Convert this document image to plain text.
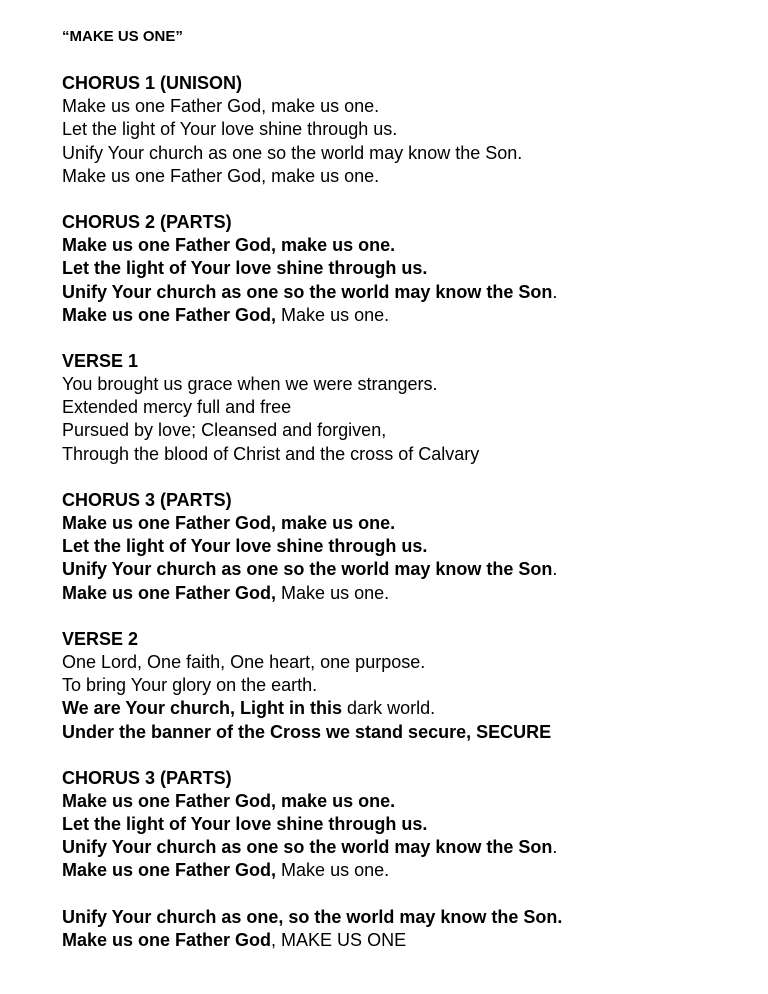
“MAKE US ONE”
CHORUS 1 (UNISON)
Make us one Father God, make us one.
Let the light of Your love shine through us.
Unify Your church as one so the world may know the Son.
Make us one Father God, make us one.
CHORUS 2 (PARTS)
Make us one Father God, make us one.
Let the light of Your love shine through us.
Unify Your church as one so the world may know the Son.
Make us one Father God, Make us one.
VERSE 1
You brought us grace when we were strangers.
Extended mercy full and free
Pursued by love; Cleansed and forgiven,
Through the blood of Christ and the cross of Calvary
CHORUS 3 (PARTS)
Make us one Father God, make us one.
Let the light of Your love shine through us.
Unify Your church as one so the world may know the Son.
Make us one Father God, Make us one.
VERSE 2
One Lord, One faith, One heart, one purpose.
To bring Your glory on the earth.
We are Your church, Light in this dark world.
Under the banner of the Cross we stand secure, SECURE
CHORUS 3 (PARTS)
Make us one Father God, make us one.
Let the light of Your love shine through us.
Unify Your church as one so the world may know the Son.
Make us one Father God, Make us one.
Unify Your church as one, so the world may know the Son.
Make us one Father God, MAKE US ONE
